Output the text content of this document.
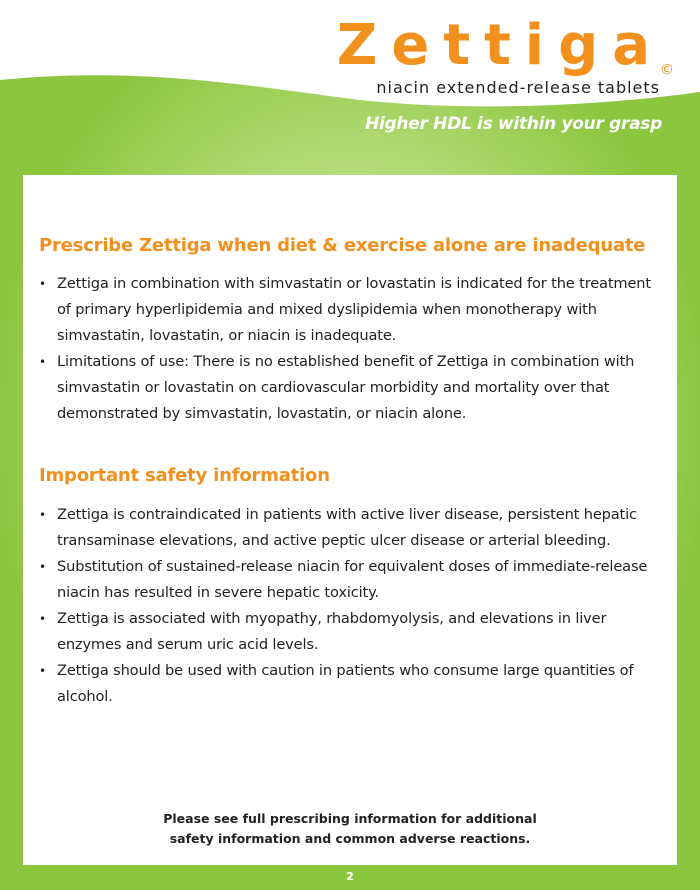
Zettiga
©
niacin extended-release tablets
Higher HDL is within your grasp
Prescribe Zettiga when diet & exercise alone are inadequate
• Zettiga in combination with simvastatin or lovastatin is indicated for the treatment of primary hyperlipidemia and mixed dyslipidemia when monotherapy with simvastatin, lovastatin, or niacin is inadequate.
• Limitations of use: There is no established benefit of Zettiga in combination with simvastatin or lovastatin on cardiovascular morbidity and mortality over that demonstrated by simvastatin, lovastatin, or niacin alone.
Important safety information
• Zettiga is contraindicated in patients with active liver disease, persistent hepatic transaminase elevations, and active peptic ulcer disease or arterial bleeding.
• Substitution of sustained-release niacin for equivalent doses of immediate-release niacin has resulted in severe hepatic toxicity.
• Zettiga is associated with myopathy, rhabdomyolysis, and elevations in liver enzymes and serum uric acid levels.
• Zettiga should be used with caution in patients who consume large quantities of alcohol.
Please see full prescribing information for additional
safety information and common adverse reactions.
2
